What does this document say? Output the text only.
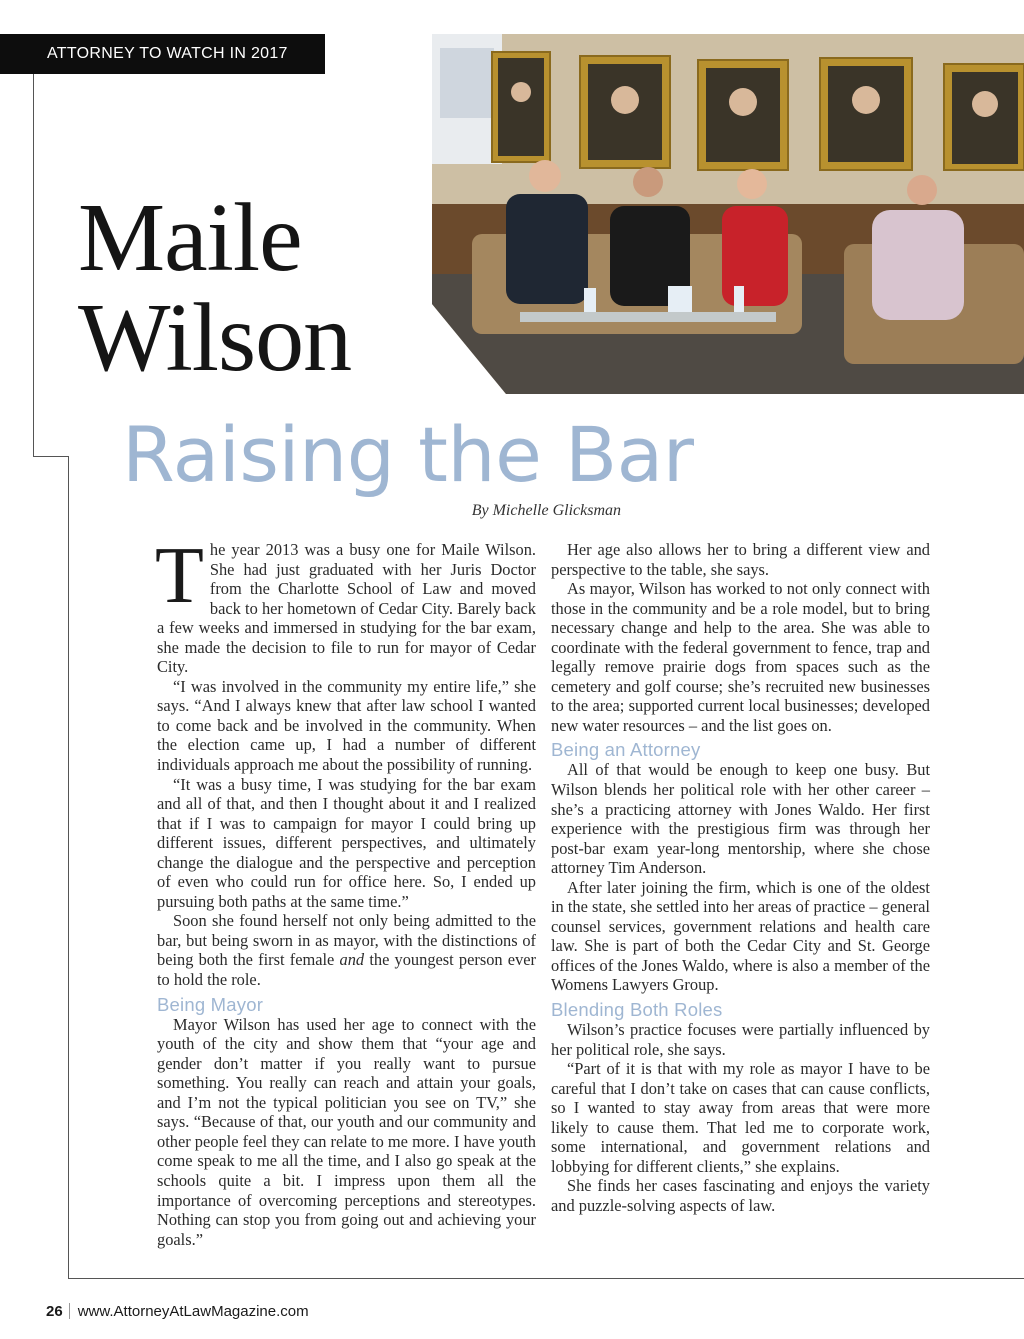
ATTORNEY TO WATCH IN 2017
Maile
Wilson
Raising the Bar
By Michelle Glicksman

The year 2013 was a busy one for Maile Wilson. She had just graduated with her Juris Doctor from the Charlotte School of Law and moved back to her hometown of Cedar City. Barely back a few weeks and immersed in studying for the bar exam, she made the decision to file to run for mayor of Cedar City.

“I was involved in the community my entire life,” she says. “And I always knew that after law school I wanted to come back and be involved in the community. When the election came up, I had a number of different individuals approach me about the possibility of running.

“It was a busy time, I was studying for the bar exam and all of that, and then I thought about it and I realized that if I was to campaign for mayor I could bring up different issues, different perspectives, and ultimately change the dialogue and the perspective and perception of even who could run for office here. So, I ended up pursuing both paths at the same time.”

Soon she found herself not only being admitted to the bar, but being sworn in as mayor, with the distinctions of being both the first female and the youngest person ever to hold the role.

Being Mayor

Mayor Wilson has used her age to connect with the youth of the city and show them that “your age and gender don’t matter if you really want to pursue something. You really can reach and attain your goals, and I’m not the typical politician you see on TV,” she says. “Because of that, our youth and our community and other people feel they can relate to me more. I have youth come speak to me all the time, and I also go speak at the schools quite a bit. I impress upon them all the importance of overcoming perceptions and stereotypes. Nothing can stop you from going out and achieving your goals.”

Her age also allows her to bring a different view and perspective to the table, she says.

As mayor, Wilson has worked to not only connect with those in the community and be a role model, but to bring necessary change and help to the area. She was able to coordinate with the federal government to fence, trap and legally remove prairie dogs from spaces such as the cemetery and golf course; she’s recruited new businesses to the area; supported current local businesses; developed new water resources – and the list goes on.

Being an Attorney

All of that would be enough to keep one busy. But Wilson blends her political role with her other career – she’s a practicing attorney with Jones Waldo. Her first experience with the prestigious firm was through her post-bar exam year-long mentorship, where she chose attorney Tim Anderson.

After later joining the firm, which is one of the oldest in the state, she settled into her areas of practice – general counsel services, government relations and health care law. She is part of both the Cedar City and St. George offices of the Jones Waldo, where is also a member of the Womens Lawyers Group.

Blending Both Roles

Wilson’s practice focuses were partially influenced by her political role, she says.

“Part of it is that with my role as mayor I have to be careful that I don’t take on cases that can cause conflicts, so I wanted to stay away from areas that were more likely to cause them. That led me to corporate work, some international, and government relations and lobbying for different clients,” she explains.

She finds her cases fascinating and enjoys the variety and puzzle-solving aspects of law.

26 www.AttorneyAtLawMagazine.com
